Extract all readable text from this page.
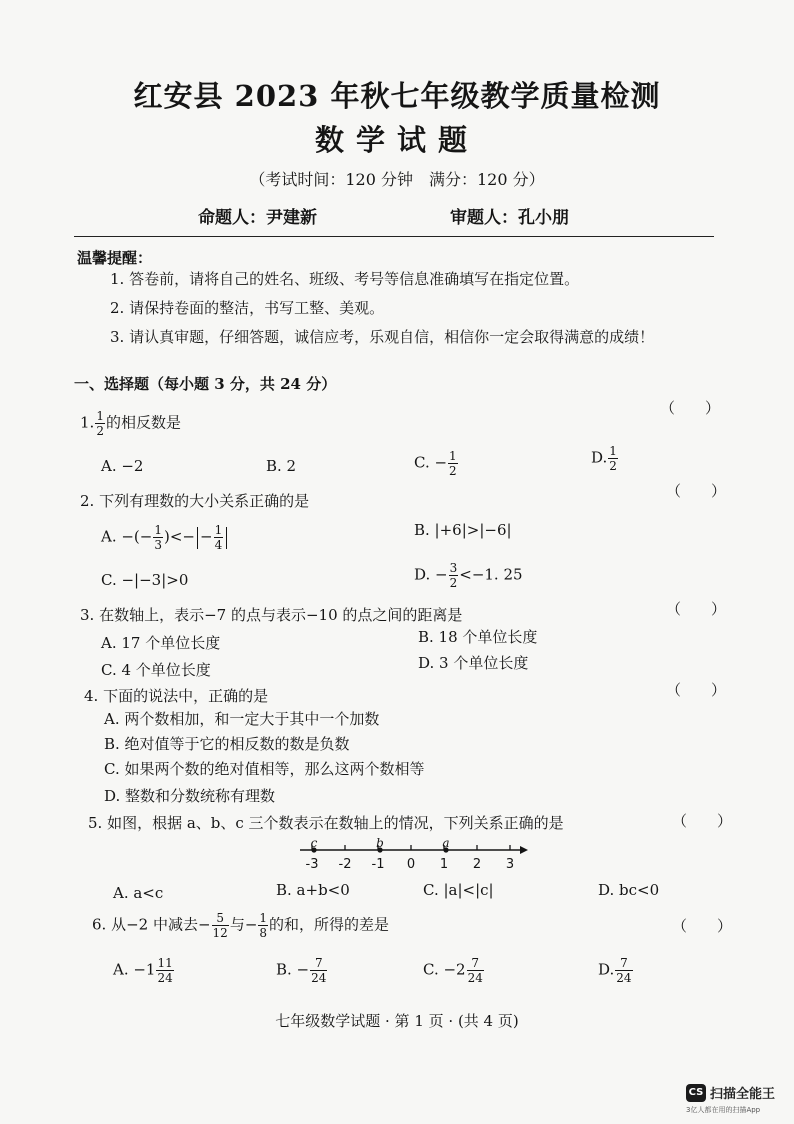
红安县 2023 年秋七年级教学质量检测
数学试题
（考试时间：120 分钟　满分：120 分）
命题人：尹建新	审题人：孔小朋
温馨提醒：
1. 答卷前，请将自己的姓名、班级、考号等信息准确填写在指定位置。
2. 请保持卷面的整洁，书写工整、美观。
3. 请认真审题，仔细答题，诚信应考，乐观自信，相信你一定会取得满意的成绩！
一、选择题（每小题 3 分，共 24 分）
1. $\frac{1}{2}$ 的相反数是
（　　）
A. −2	B. 2	C. − $\frac{1}{2}$	D. $\frac{1}{2}$
2. 下列有理数的大小关系正确的是
（　　）
A. −(− $\frac{1}{3}$ )<− − $\frac{1}{4}$	B. |+6|>|−6|
C. −|−3|>0	D. − $\frac{3}{2} <-1$. 25
3. 在数轴上，表示−7 的点与表示−10 的点之间的距离是	（　　）
A. 17 个单位长度	B. 18 个单位长度
C. 4 个单位长度	D. 3 个单位长度
4. 下面的说法中，正确的是	（　　）
A. 两个数相加，和一定大于其中一个加数
B. 绝对值等于它的相反数的数是负数
C. 如果两个数的绝对值相等，那么这两个数相等
D. 整数和分数统称有理数
5. 如图，根据 a、b、c 三个数表示在数轴上的情况，下列关系正确的是	（　　）
-3 -2 -1 0 1 2 3
c	b	a
A. a<c	B. a+b<0	C. |a|<|c|	D. bc<0
6. 从−2 中减去− $\frac{5}{12}$ 与− $\frac{1}{8}$ 的和，所得的差是	（　　）
A. $-1 \frac{11}{24}$	B. − $\frac{7}{24}$	C. $-2 \frac{7}{24}$	D. $\frac{7}{24}$
七年级数学试题 · 第 1 页 · (共 4 页)
CS 扫描全能王
3亿人都在用的扫描App
